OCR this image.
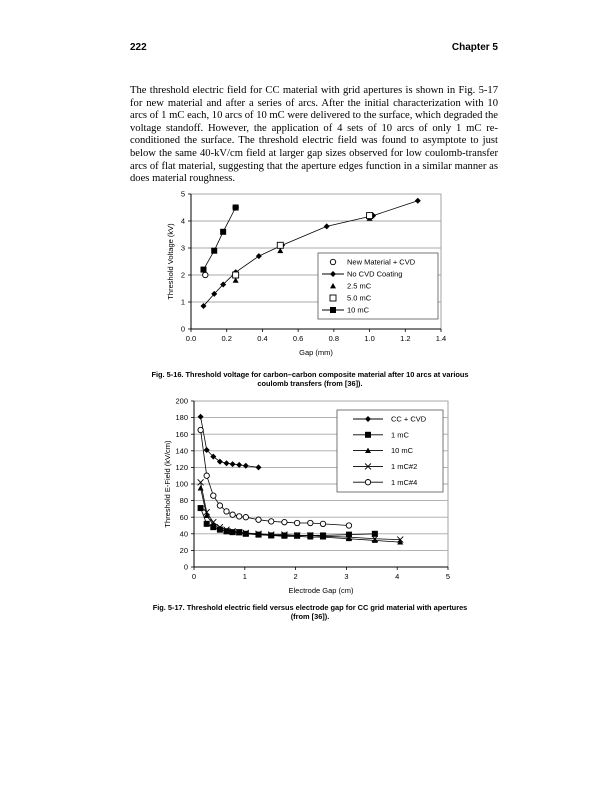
222	Chapter 5

The threshold electric field for CC material with grid apertures is shown in Fig. 5-17 for new material and after a series of arcs. After the initial characterization with 10 arcs of 1 mC each, 10 arcs of 10 mC were delivered to the surface, which degraded the voltage standoff. However, the application of 4 sets of 10 arcs of only 1 mC re-conditioned the surface. The threshold electric field was found to asymptote to just below the same 40-kV/cm field at larger gap sizes observed for low coulomb-transfer arcs of flat material, suggesting that the aperture edges function in a similar manner as does material roughness.

0
1
2
3
4
5
0.0	0.2	0.4	0.6	0.8	1.0	1.2	1.4
Gap (mm)
Threshold Voltage (kV)	New Material + CVD
No CVD Coating
2.5 mC
5.0 mC
10 mC
Fig. 5-16. Threshold voltage for carbon–carbon composite material after 10 arcs at various coulomb transfers (from [36]).
0
20
40
60
80
100
120
140
160
180
200
0	1	2	3	4	5
Electrode Gap (cm)
Threshold E-Field (kV/cm)
CC + CVD
1 mC
10 mC
1 mC#2
1 mC#4
Fig. 5-17. Threshold electric field versus electrode gap for CC grid material with apertures (from [36]).
